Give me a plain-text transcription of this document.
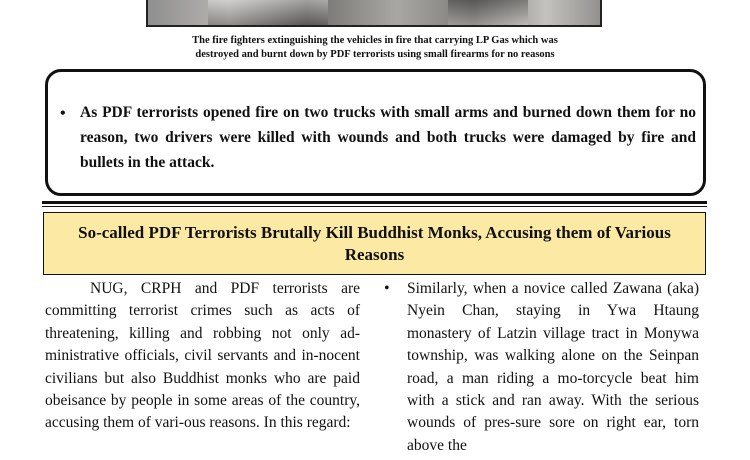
The fire fighters extinguishing the vehicles in fire that carrying LP Gas which was
destroyed and burnt down by PDF terrorists using small firearms for no reasons
• As PDF terrorists opened fire on two trucks with small arms and burned down them for no reason, two drivers were killed with wounds and both trucks were damaged by fire and bullets in the attack.
So-called PDF Terrorists Brutally Kill Buddhist Monks, Accusing them of Various Reasons
NUG, CRPH and PDF terrorists are committing terrorist crimes such as acts of threatening, killing and robbing not only ad-ministrative officials, civil servants and in-nocent civilians but also Buddhist monks who are paid obeisance by people in some areas of the country, accusing them of vari-ous reasons. In this regard:
• Similarly, when a novice called Zawana (aka) Nyein Chan, staying in Ywa Htaung monastery of Latzin village tract in Monywa township, was walking alone on the Seinpan road, a man riding a mo-torcycle beat him with a stick and ran away. With the serious wounds of pres-sure sore on right ear, torn above the
